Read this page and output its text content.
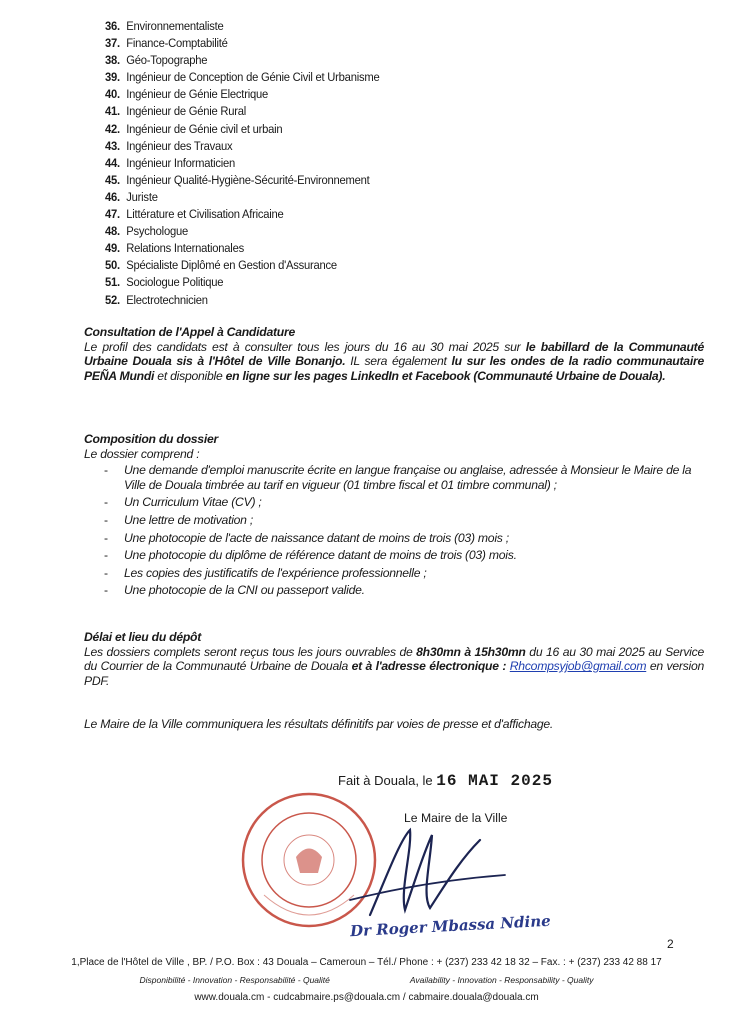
36. Environnementaliste
37. Finance-Comptabilité
38. Géo-Topographe
39. Ingénieur de Conception de Génie Civil et Urbanisme
40. Ingénieur de Génie Electrique
41. Ingénieur de Génie Rural
42. Ingénieur de Génie civil et urbain
43. Ingénieur des Travaux
44. Ingénieur Informaticien
45. Ingénieur Qualité-Hygiène-Sécurité-Environnement
46. Juriste
47. Littérature et Civilisation Africaine
48. Psychologue
49. Relations Internationales
50. Spécialiste Diplômé en Gestion d'Assurance
51. Sociologue Politique
52. Electrotechnicien
Consultation de l'Appel à Candidature
Le profil des candidats est à consulter tous les jours du 16 au 30 mai 2025 sur le babillard de la Communauté Urbaine Douala sis à l'Hôtel de Ville Bonanjo. IL sera également lu sur les ondes de la radio communautaire PEÑA Mundi et disponible en ligne sur les pages LinkedIn et Facebook (Communauté Urbaine de Douala).
Composition du dossier
Le dossier comprend :
- Une demande d'emploi manuscrite écrite en langue française ou anglaise, adressée à Monsieur le Maire de la Ville de Douala timbrée au tarif en vigueur (01 timbre fiscal et 01 timbre communal) ;
- Un Curriculum Vitae (CV) ;
- Une lettre de motivation ;
- Une photocopie de l'acte de naissance datant de moins de trois (03) mois ;
- Une photocopie du diplôme de référence datant de moins de trois (03) mois.
- Les copies des justificatifs de l'expérience professionnelle ;
- Une photocopie de la CNI ou passeport valide.
Délai et lieu du dépôt
Les dossiers complets seront reçus tous les jours ouvrables de 8h30mn à 15h30mn du 16 au 30 mai 2025 au Service du Courrier de la Communauté Urbaine de Douala et à l'adresse électronique : Rhcompsyjob@gmail.com en version PDF.
Le Maire de la Ville communiquera les résultats définitifs par voies de presse et d'affichage.
Fait à Douala, le 16 MAI 2025
Le Maire de la Ville
Dr Roger Mbassa Ndine
2
1,Place de l'Hôtel de Ville , BP. / P.O. Box : 43 Douala – Cameroun – Tél./ Phone : + (237) 233 42 18 32 – Fax. : + (237) 233 42 88 17
Disponibilité - Innovation - Responsabilité - Qualité	Availability - Innovation - Responsability - Quality
www.douala.cm - cudcabmaire.ps@douala.cm / cabmaire.douala@douala.cm
